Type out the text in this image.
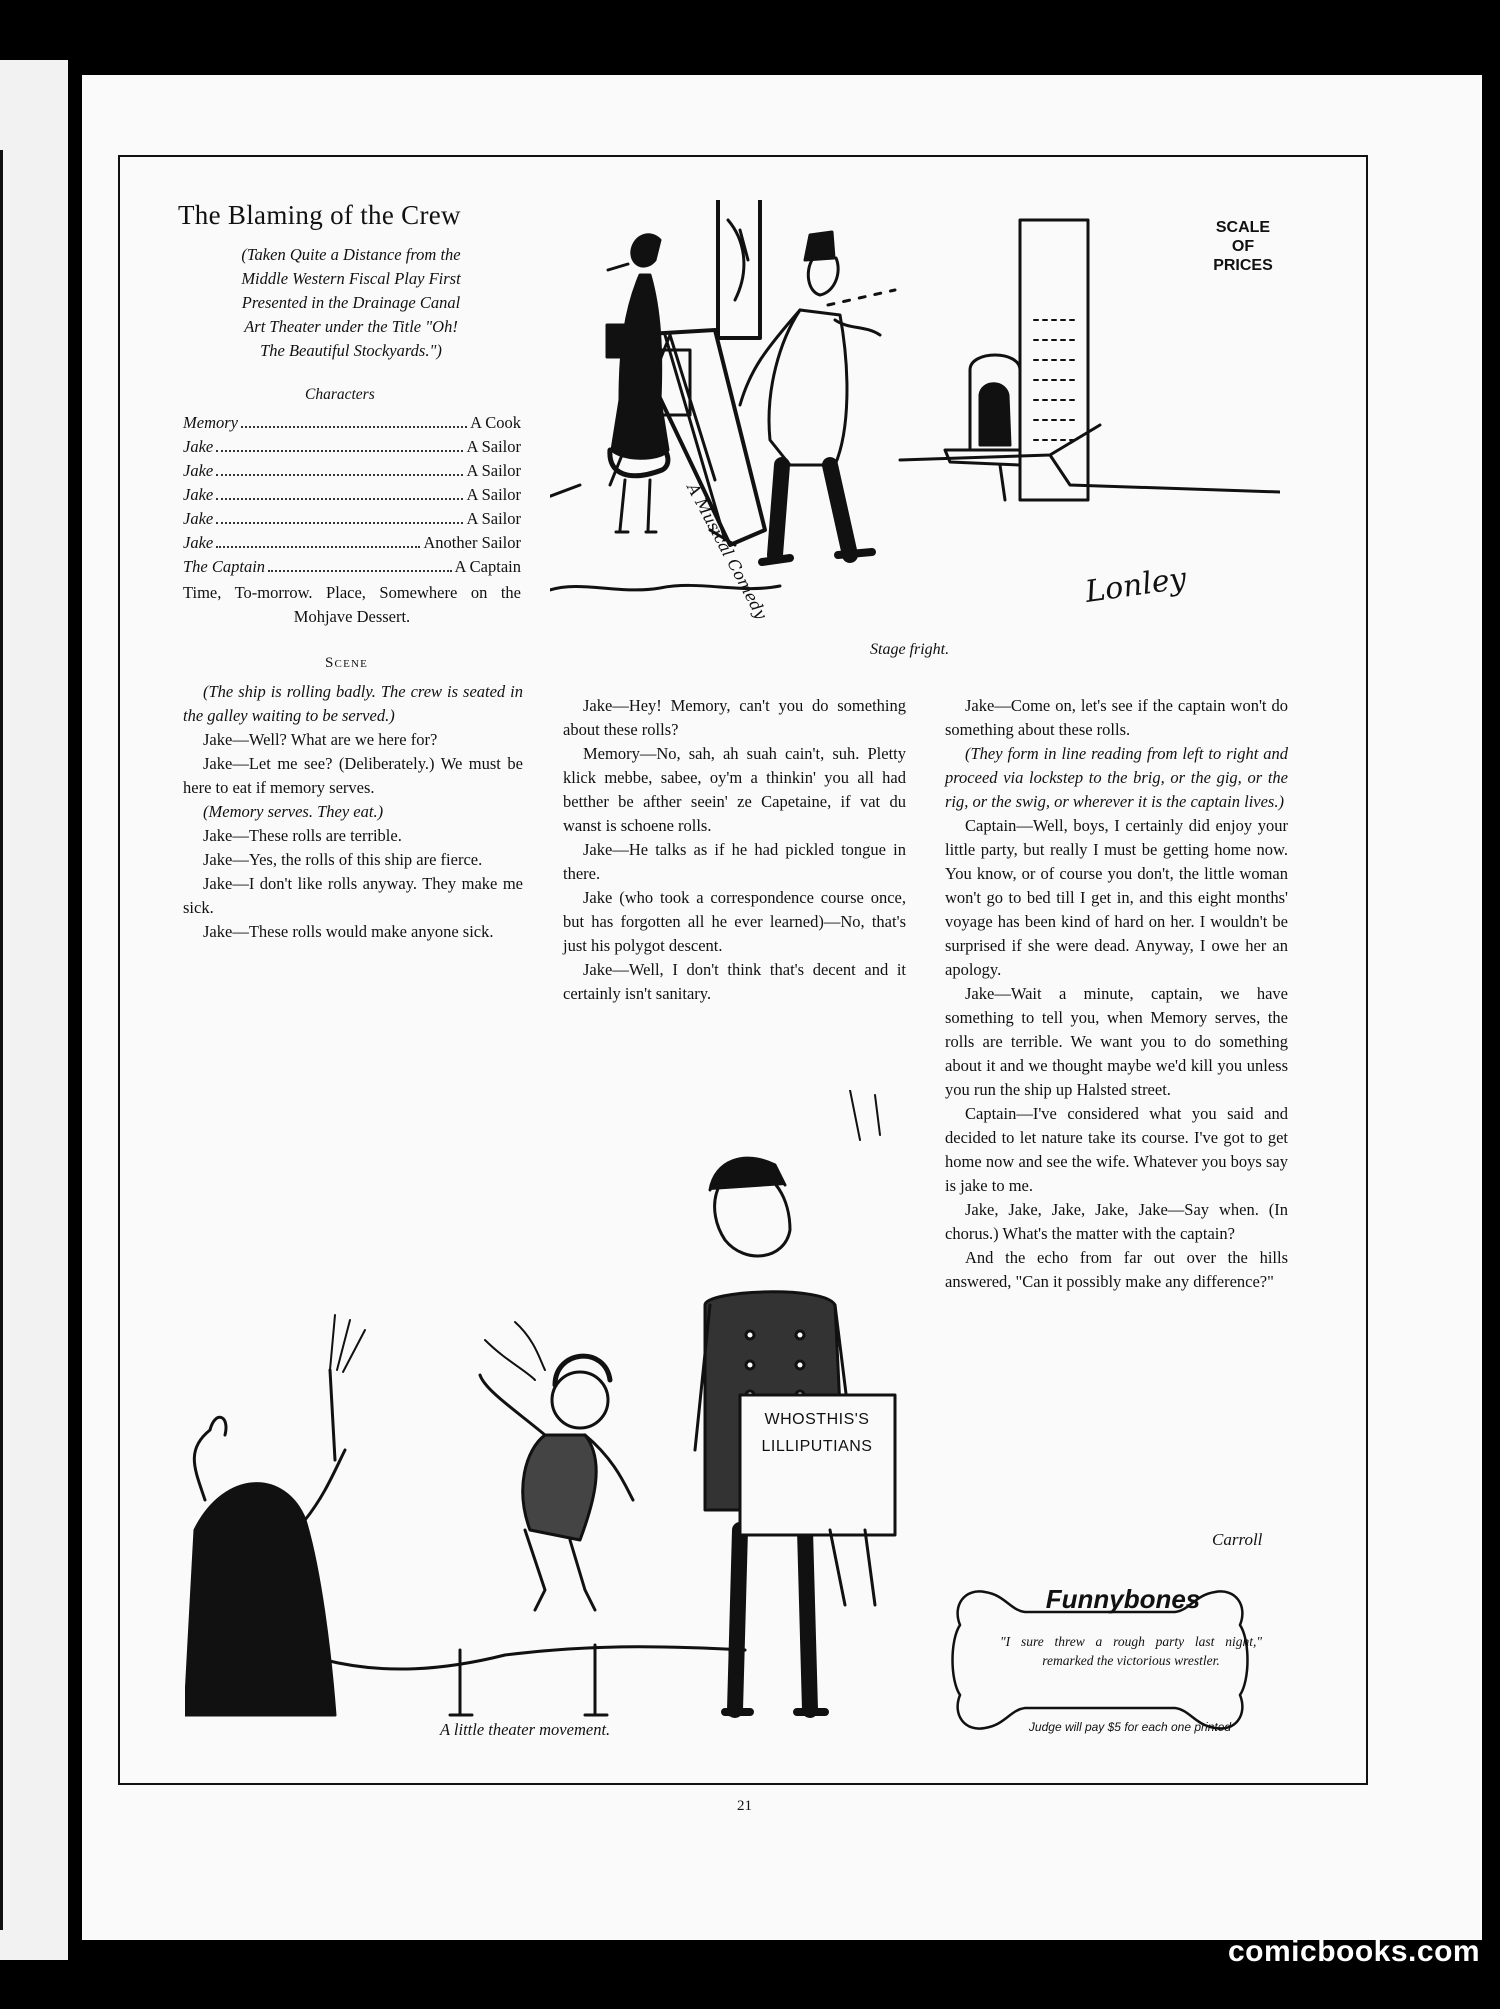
The Blaming of the Crew
(Taken Quite a Distance from the
Middle Western Fiscal Play First
Presented in the Drainage Canal
Art Theater under the Title "Oh!
The Beautiful Stockyards.")
Characters
Memory	A Cook
Jake	A Sailor
Jake	A Sailor
Jake	A Sailor
Jake	A Sailor
Jake	Another Sailor
The Captain	A Captain
Time, To-morrow. Place, Somewhere on the Mohjave Dessert.
Scene

(The ship is rolling badly. The crew is seated in the galley waiting to be served.)

Jake—Well? What are we here for?

Jake—Let me see? (Deliberately.) We must be here to eat if memory serves.

(Memory serves. They eat.)

Jake—These rolls are terrible.

Jake—Yes, the rolls of this ship are fierce.

Jake—I don't like rolls anyway. They make me sick.

Jake—These rolls would make anyone sick.

Jake—Hey! Memory, can't you do something about these rolls?

Memory—No, sah, ah suah cain't, suh. Pletty klick mebbe, sabee, oy'm a thinkin' you all had betther be afther seein' ze Capetaine, if vat du wanst is schoene rolls.

Jake—He talks as if he had pickled tongue in there.

Jake (who took a correspondence course once, but has forgotten all he ever learned)—No, that's just his polygot descent.

Jake—Well, I don't think that's decent and it certainly isn't sanitary.

Jake—Come on, let's see if the captain won't do something about these rolls.

(They form in line reading from left to right and proceed via lockstep to the brig, or the gig, or the rig, or the swig, or wherever it is the captain lives.)

Captain—Well, boys, I certainly did enjoy your little party, but really I must be getting home now. You know, or of course you don't, the little woman won't go to bed till I get in, and this eight months' voyage has been kind of hard on her. I wouldn't be surprised if she were dead. Anyway, I owe her an apology.

Jake—Wait a minute, captain, we have something to tell you, when Memory serves, the rolls are terrible. We want you to do something about it and we thought maybe we'd kill you unless you run the ship up Halsted street.

Captain—I've considered what you said and decided to let nature take its course. I've got to get home now and see the wife. Whatever you boys say is jake to me.

Jake, Jake, Jake, Jake, Jake—Say when. (In chorus.) What's the matter with the captain?

And the echo from far out over the hills answered, "Can it possibly make any difference?"

Carroll
SCALE OF PRICES
A Musical Comedy	Lonley
Stage fright.
WHOSTHIS'S LILLIPUTIANS
A little theater movement.
Funnybones
"I sure threw a rough party last night," remarked the victorious wrestler.
Judge will pay $5 for each one printed
21
comicbooks.com
